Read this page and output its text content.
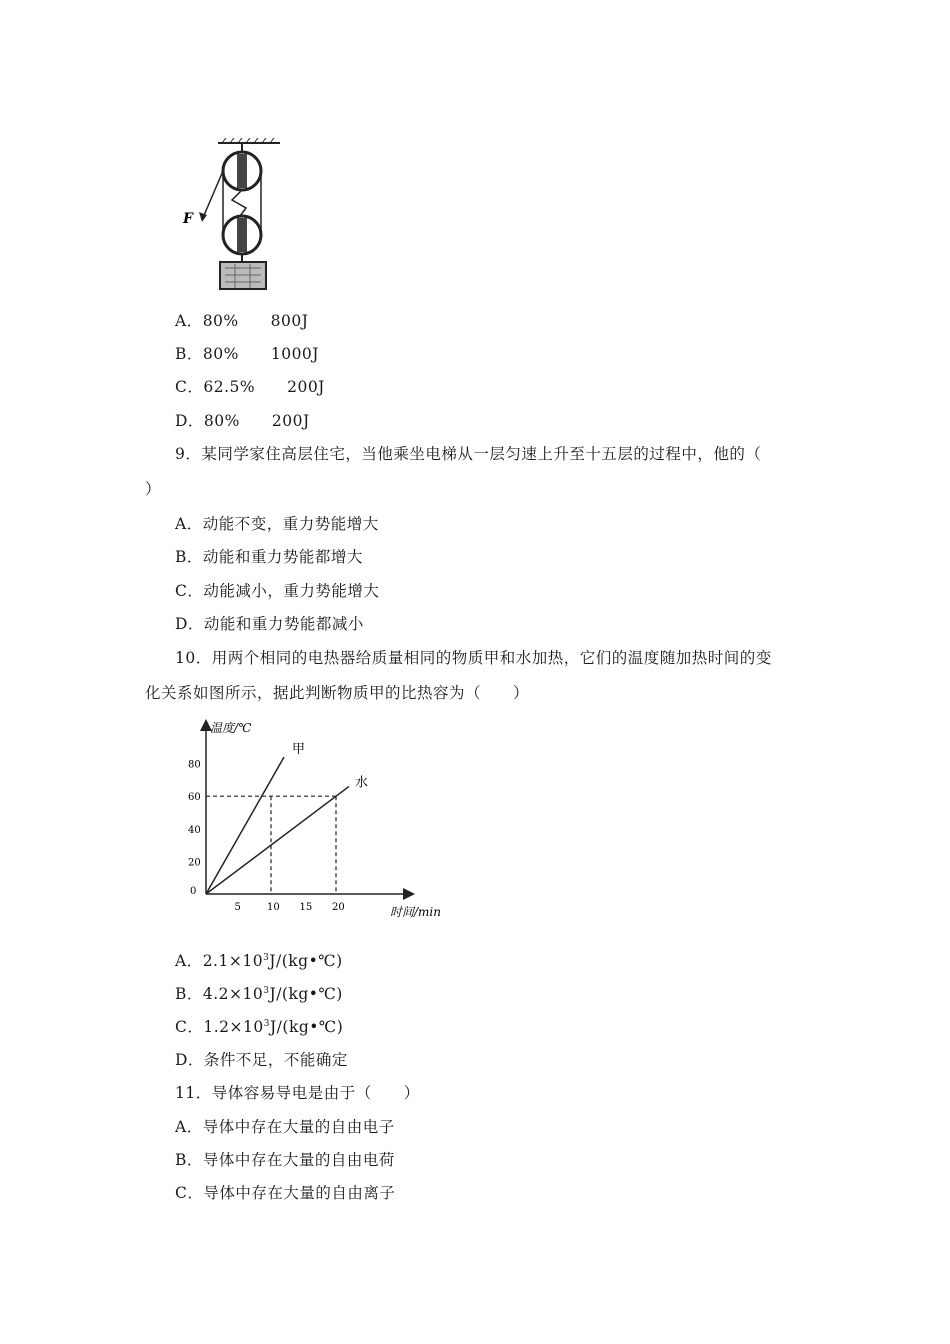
F
A．80%　　800J
B．80%　　1000J
C．62.5%　　200J
D．80%　　200J
9．某同学家住高层住宅，当他乘坐电梯从一层匀速上升至十五层的过程中，他的（
）
A．动能不变，重力势能增大
B．动能和重力势能都增大
C．动能减小，重力势能增大
D．动能和重力势能都减小
10．用两个相同的电热器给质量相同的物质甲和水加热，它们的温度随加热时间的变
化关系如图所示，据此判断物质甲的比热容为（　　）
温度/℃
时间/min
0
5	10 15 20
20
40
60
80
甲
水
A．$2.1\times 10^3J/(kg•℃)$
B．$4.2\times 10^3J/(kg•℃)$
C．$1.2\times 10^3J/(kg•℃)$
D．条件不足，不能确定
11．导体容易导电是由于（　　）
A．导体中存在大量的自由电子
B．导体中存在大量的自由电荷
C．导体中存在大量的自由离子
